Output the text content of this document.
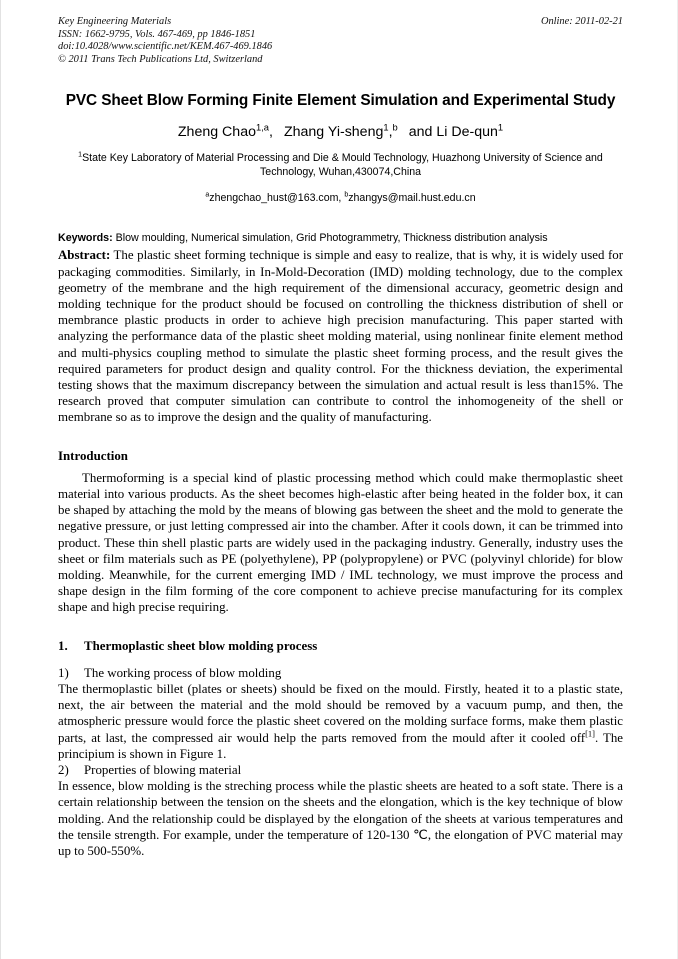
Key Engineering Materials
ISSN: 1662-9795, Vols. 467-469, pp 1846-1851
doi:10.4028/www.scientific.net/KEM.467-469.1846
© 2011 Trans Tech Publications Ltd, Switzerland
Online: 2011-02-21
PVC Sheet Blow Forming Finite Element Simulation and Experimental Study
Zheng Chao$^{1,a}$, Zhang Yi-sheng$^1$,$^b$ and Li De-qun$^1$
$^1$State Key Laboratory of Material Processing and Die & Mould Technology, Huazhong University of Science and Technology, Wuhan,430074,China
$^a$zhengchao_hust@163.com, $^b$zhangys@mail.hust.edu.cn
Keywords: Blow moulding, Numerical simulation, Grid Photogrammetry, Thickness distribution analysis
Abstract: The plastic sheet forming technique is simple and easy to realize, that is why, it is widely used for packaging commodities. Similarly, in In-Mold-Decoration (IMD) molding technology, due to the complex geometry of the membrane and the high requirement of the dimensional accuracy, geometric design and molding technique for the product should be focused on controlling the thickness distribution of shell or membrance plastic products in order to achieve high precision manufacturing. This paper started with analyzing the performance data of the plastic sheet molding material, using nonlinear finite element method and multi-physics coupling method to simulate the plastic sheet forming process, and the result gives the required parameters for product design and quality control. For the thickness deviation, the experimental testing shows that the maximum discrepancy between the simulation and actual result is less than15%. The research proved that computer simulation can contribute to control the inhomogeneity of the shell or membrane so as to improve the design and the quality of manufacturing.
Introduction

Thermoforming is a special kind of plastic processing method which could make thermoplastic sheet material into various products. As the sheet becomes high-elastic after being heated in the folder box, it can be shaped by attaching the mold by the means of blowing gas between the sheet and the mold to generate the negative pressure, or just letting compressed air into the chamber. After it cools down, it can be trimmed into product. These thin shell plastic parts are widely used in the packaging industry. Generally, industry uses the sheet or film materials such as PE (polyethylene), PP (polypropylene) or PVC (polyvinyl chloride) for blow molding. Meanwhile, for the current emerging IMD / IML technology, we must improve the process and shape design in the film forming of the core component to achieve precise manufacturing for its complex shape and high precise requiring.

1. Thermoplastic sheet blow molding process

1) The working process of blow molding

The thermoplastic billet (plates or sheets) should be fixed on the mould. Firstly, heated it to a plastic state, next, the air between the material and the mold should be removed by a vacuum pump, and then, the atmospheric pressure would force the plastic sheet covered on the molding surface forms, make them plastic parts, at last, the compressed air would help the parts removed from the mould after it cooled off[1]. The principium is shown in Figure 1.

2) Properties of blowing material

In essence, blow molding is the streching process while the plastic sheets are heated to a soft state. There is a certain relationship between the tension on the sheets and the elongation, which is the key technique of blow molding. And the relationship could be displayed by the elongation of the sheets at various temperatures and the tensile strength. For example, under the temperature of 120-130 ℃, the elongation of PVC material may up to 500-550%.
